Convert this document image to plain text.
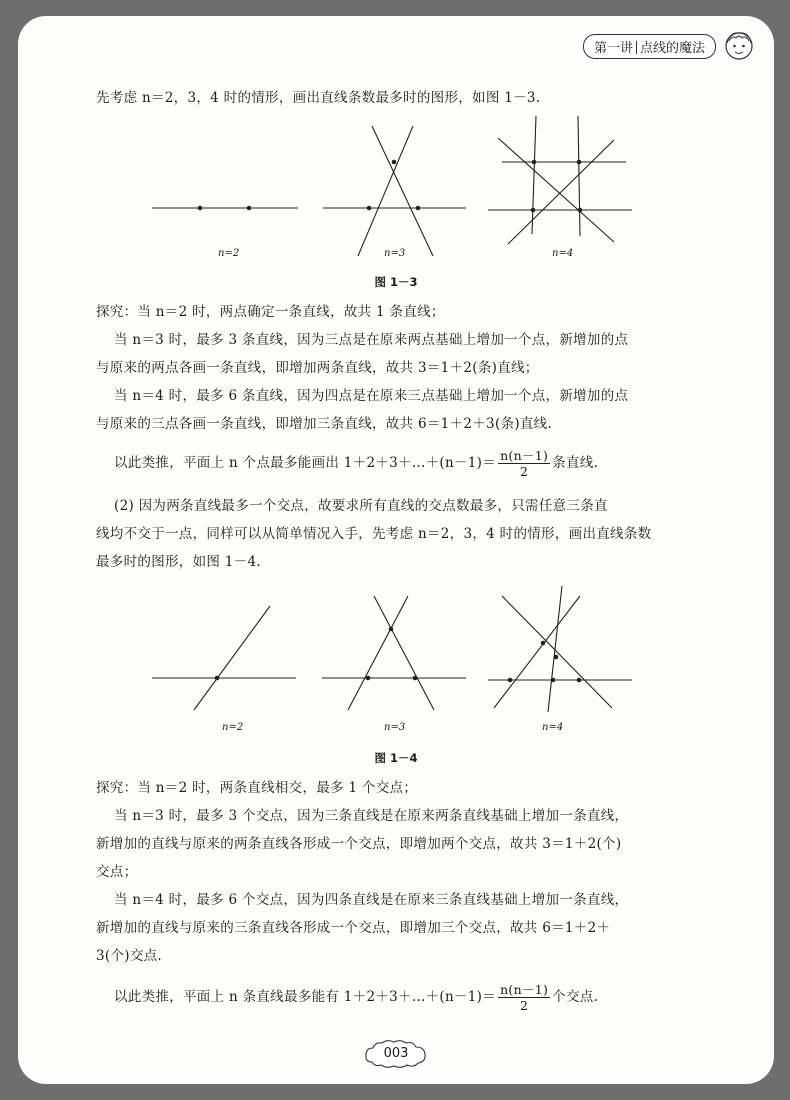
第一讲 点线的魔法
先考虑 n＝2，3，4 时的情形，画出直线条数最多时的图形，如图 1－3.
n=2	n=3	n=4
图 1－3
探究：当 n＝2 时，两点确定一条直线，故共 1 条直线；
当 n＝3 时，最多 3 条直线，因为三点是在原来两点基础上增加一个点，新增加的点
与原来的两点各画一条直线，即增加两条直线，故共 3＝1＋2(条)直线；
当 n＝4 时，最多 6 条直线，因为四点是在原来三点基础上增加一个点，新增加的点
与原来的三点各画一条直线，即增加三条直线，故共 6＝1＋2＋3(条)直线.
以此类推，平面上 n 个点最多能画出 1＋2＋3＋…＋(n－1)＝ $\frac{n(n-1)}{2}$ 条直线.
(2) 因为两条直线最多一个交点，故要求所有直线的交点数最多，只需任意三条直
线均不交于一点，同样可以从简单情况入手，先考虑 n＝2，3，4 时的情形，画出直线条数
最多时的图形，如图 1－4.
n=2	n=3	n=4
图 1－4
探究：当 n＝2 时，两条直线相交，最多 1 个交点；
当 n＝3 时，最多 3 个交点，因为三条直线是在原来两条直线基础上增加一条直线，
新增加的直线与原来的两条直线各形成一个交点，即增加两个交点，故共 3＝1＋2(个)
交点；
当 n＝4 时，最多 6 个交点，因为四条直线是在原来三条直线基础上增加一条直线，
新增加的直线与原来的三条直线各形成一个交点，即增加三个交点，故共 6＝1＋2＋
3(个)交点.
以此类推，平面上 n 条直线最多能有 1＋2＋3＋…＋(n－1)＝ $\frac{n(n-1)}{2}$ 个交点.
003
